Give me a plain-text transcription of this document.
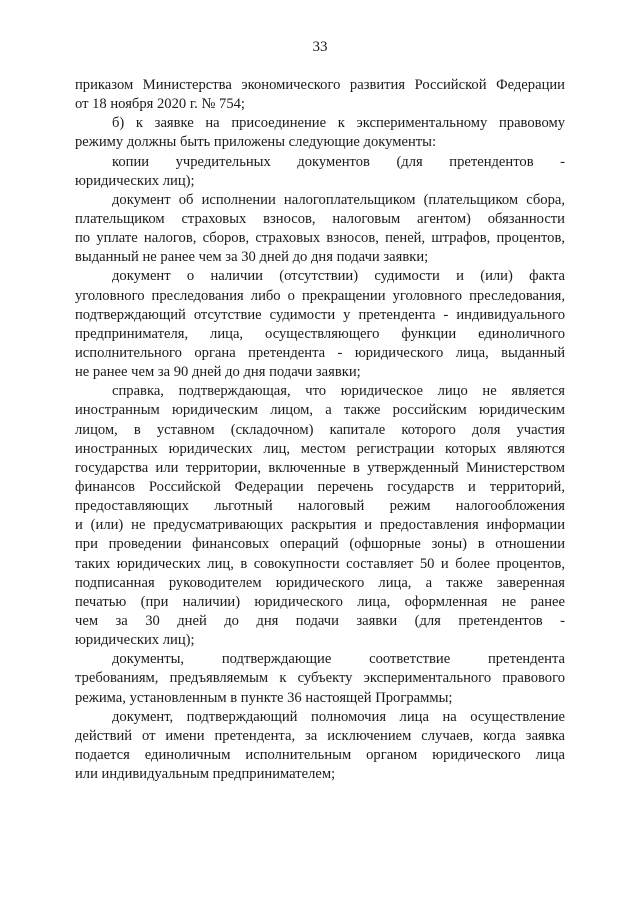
33
приказом Министерства экономического развития Российской Федерации
от 18 ноября 2020 г. № 754;
б) к заявке на присоединение к экспериментальному правовому
режиму должны быть приложены следующие документы:
копии учредительных документов (для претендентов -
юридических лиц);
документ об исполнении налогоплательщиком (плательщиком сбора,
плательщиком страховых взносов, налоговым агентом) обязанности
по уплате налогов, сборов, страховых взносов, пеней, штрафов, процентов,
выданный не ранее чем за 30 дней до дня подачи заявки;
документ о наличии (отсутствии) судимости и (или) факта
уголовного преследования либо о прекращении уголовного преследования,
подтверждающий отсутствие судимости у претендента - индивидуального
предпринимателя, лица, осуществляющего функции единоличного
исполнительного органа претендента - юридического лица, выданный
не ранее чем за 90 дней до дня подачи заявки;
справка, подтверждающая, что юридическое лицо не является
иностранным юридическим лицом, а также российским юридическим
лицом, в уставном (складочном) капитале которого доля участия
иностранных юридических лиц, местом регистрации которых являются
государства или территории, включенные в утвержденный Министерством
финансов Российской Федерации перечень государств и территорий,
предоставляющих льготный налоговый режим налогообложения
и (или) не предусматривающих раскрытия и предоставления информации
при проведении финансовых операций (офшорные зоны) в отношении
таких юридических лиц, в совокупности составляет 50 и более процентов,
подписанная руководителем юридического лица, а также заверенная
печатью (при наличии) юридического лица, оформленная не ранее
чем за 30 дней до дня подачи заявки (для претендентов -
юридических лиц);
документы, подтверждающие соответствие претендента
требованиям, предъявляемым к субъекту экспериментального правового
режима, установленным в пункте 36 настоящей Программы;
документ, подтверждающий полномочия лица на осуществление
действий от имени претендента, за исключением случаев, когда заявка
подается единоличным исполнительным органом юридического лица
или индивидуальным предпринимателем;
